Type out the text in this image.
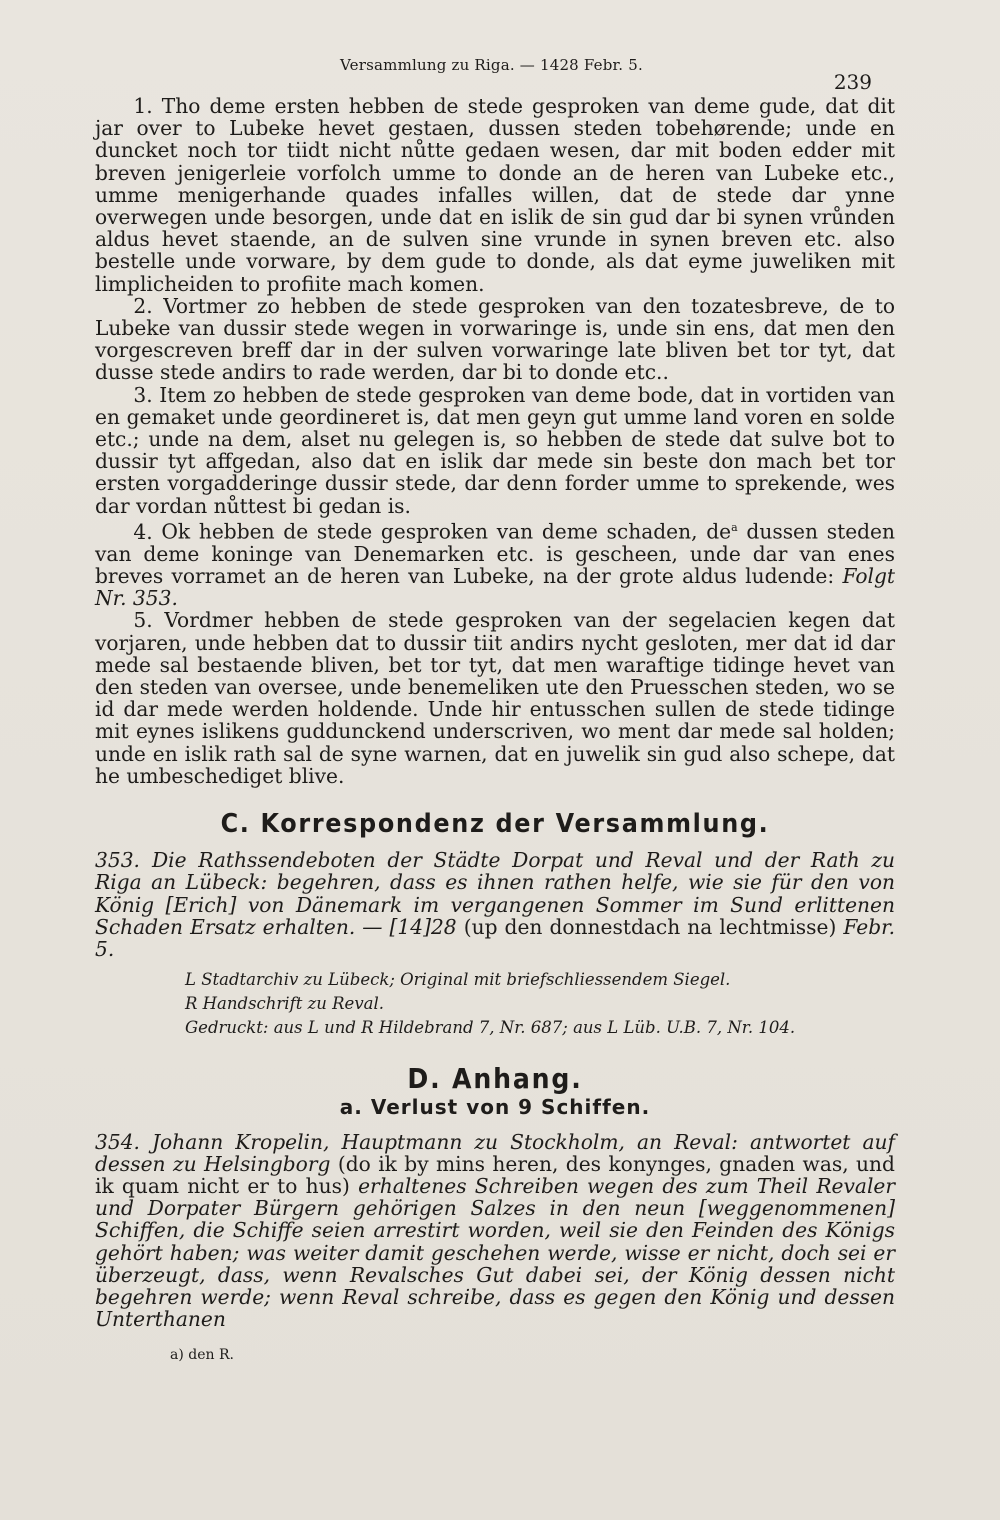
Versammlung zu Riga. — 1428 Febr. 5.
239

1. Tho deme ersten hebben de stede gesproken van deme gude, dat dit jar over to Lubeke hevet gestaen, dussen steden tobehørende; unde en duncket noch tor tiidt nicht nůtte gedaen wesen, dar mit boden edder mit breven jenigerleie vorfolch umme to donde an de heren van Lubeke etc., umme menigerhande quades infalles willen, dat de stede dar ynne overwegen unde besorgen, unde dat en islik de sin gud dar bi synen vrůnden aldus hevet staende, an de sulven sine vrunde in synen breven etc. also bestelle unde vorware, by dem gude to donde, als dat eyme juweliken mit limplicheiden to profiite mach komen.

2. Vortmer zo hebben de stede gesproken van den tozatesbreve, de to Lubeke van dussir stede wegen in vorwaringe is, unde sin ens, dat men den vorgescreven breff dar in der sulven vorwaringe late bliven bet tor tyt, dat dusse stede andirs to rade werden, dar bi to donde etc..

3. Item zo hebben de stede gesproken van deme bode, dat in vortiden van en gemaket unde geordineret is, dat men geyn gut umme land voren en solde etc.; unde na dem, alset nu gelegen is, so hebben de stede dat sulve bot to dussir tyt affgedan, also dat en islik dar mede sin beste don mach bet tor ersten vorgadderinge dussir stede, dar denn forder umme to sprekende, wes dar vordan nůttest bi gedan is.

4. Ok hebben de stede gesproken van deme schaden, $de^a$ dussen steden van deme koninge van Denemarken etc. is gescheen, unde dar van enes breves vorramet an de heren van Lubeke, na der grote aldus ludende: Folgt Nr. 353.

5. Vordmer hebben de stede gesproken van der segelacien kegen dat vorjaren, unde hebben dat to dussir tiit andirs nycht gesloten, mer dat id dar mede sal bestaende bliven, bet tor tyt, dat men waraftige tidinge hevet van den steden van oversee, unde benemeliken ute den Pruesschen steden, wo se id dar mede werden holdende. Unde hir entusschen sullen de stede tidinge mit eynes islikens guddunckend underscriven, wo ment dar mede sal holden; unde en islik rath sal de syne warnen, dat en juwelik sin gud also schepe, dat he umbeschediget blive.

C. Korrespondenz der Versammlung.

353. Die Rathssendeboten der Städte Dorpat und Reval und der Rath zu Riga an Lübeck: begehren, dass es ihnen rathen helfe, wie sie für den von König [Erich] von Dänemark im vergangenen Sommer im Sund erlittenen Schaden Ersatz erhalten. — [14]28 (up den donnestdach na lechtmisse) Febr. 5.

L Stadtarchiv zu Lübeck; Original mit briefschliessendem Siegel.
R Handschrift zu Reval.
Gedruckt: aus L und R Hildebrand 7, Nr. 687; aus L Lüb. U.B. 7, Nr. 104.
D. Anhang.
a. Verlust von 9 Schiffen.

354. Johann Kropelin, Hauptmann zu Stockholm, an Reval: antwortet auf dessen zu Helsingborg (do ik by mins heren, des konynges, gnaden was, und ik quam nicht er to hus) erhaltenes Schreiben wegen des zum Theil Revaler und Dorpater Bürgern gehörigen Salzes in den neun [weggenommenen] Schiffen, die Schiffe seien arrestirt worden, weil sie den Feinden des Königs gehört haben; was weiter damit geschehen werde, wisse er nicht, doch sei er überzeugt, dass, wenn Revalsches Gut dabei sei, der König dessen nicht begehren werde; wenn Reval schreibe, dass es gegen den König und dessen Unterthanen

a) den R.
